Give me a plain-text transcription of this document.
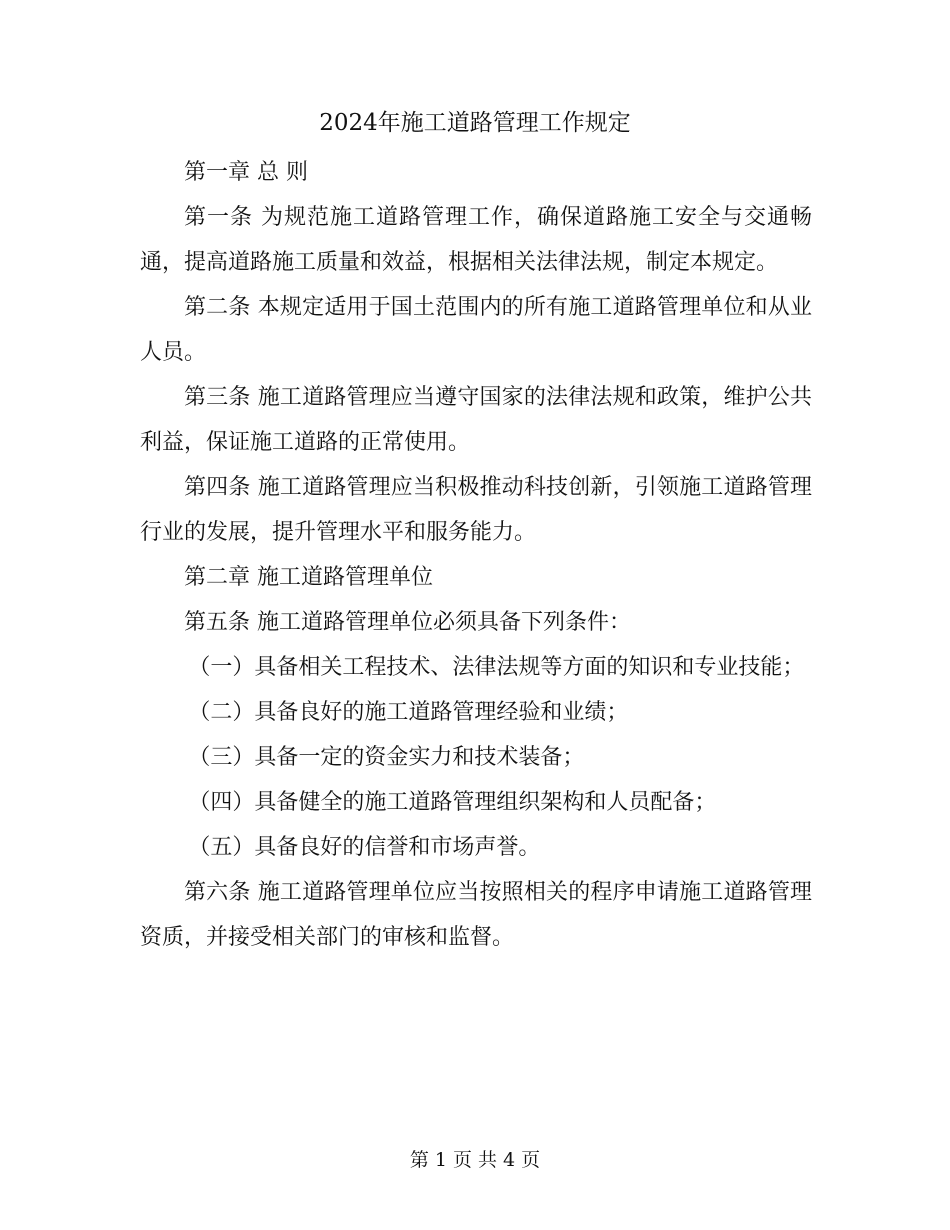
2024年施工道路管理工作规定

第一章 总 则

第一条 为规范施工道路管理工作，确保道路施工安全与交通畅通，提高道路施工质量和效益，根据相关法律法规，制定本规定。

第二条 本规定适用于国土范围内的所有施工道路管理单位和从业人员。

第三条 施工道路管理应当遵守国家的法律法规和政策，维护公共利益，保证施工道路的正常使用。

第四条 施工道路管理应当积极推动科技创新，引领施工道路管理行业的发展，提升管理水平和服务能力。

第二章 施工道路管理单位

第五条 施工道路管理单位必须具备下列条件：

（一）具备相关工程技术、法律法规等方面的知识和专业技能；

（二）具备良好的施工道路管理经验和业绩；

（三）具备一定的资金实力和技术装备；

（四）具备健全的施工道路管理组织架构和人员配备；

（五）具备良好的信誉和市场声誉。

第六条 施工道路管理单位应当按照相关的程序申请施工道路管理资质，并接受相关部门的审核和监督。

第 1 页 共 4 页
